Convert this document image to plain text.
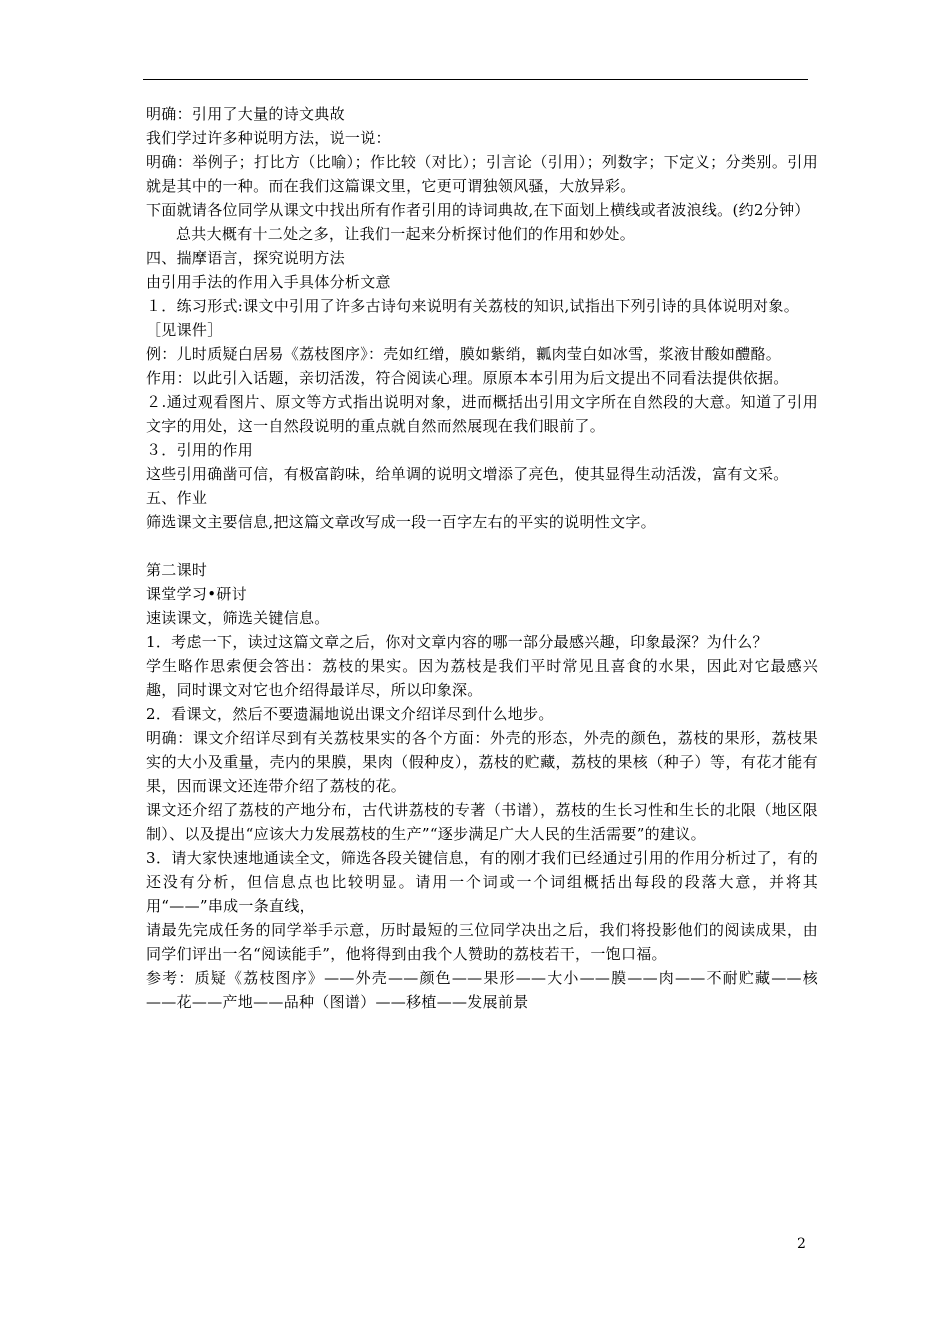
明确：引用了大量的诗文典故

我们学过许多种说明方法，说一说：

明确：举例子；打比方（比喻）；作比较（对比）；引言论（引用）；列数字；下定义；分类别。引用就是其中的一种。而在我们这篇课文里，它更可谓独领风骚，大放异彩。

下面就请各位同学从课文中找出所有作者引用的诗词典故,在下面划上横线或者波浪线。(约2分钟）

总共大概有十二处之多，让我们一起来分析探讨他们的作用和妙处。

四、揣摩语言，探究说明方法

由引用手法的作用入手具体分析文意

１．练习形式:课文中引用了许多古诗句来说明有关荔枝的知识,试指出下列引诗的具体说明对象。

［见课件］

例：儿时质疑白居易《荔枝图序》：壳如红缯，膜如紫绡，瓤肉莹白如冰雪，浆液甘酸如醴酪。

作用：以此引入话题，亲切活泼，符合阅读心理。原原本本引用为后文提出不同看法提供依据。

２.通过观看图片、原文等方式指出说明对象，进而概括出引用文字所在自然段的大意。知道了引用文字的用处，这一自然段说明的重点就自然而然展现在我们眼前了。

３．引用的作用

这些引用确凿可信，有极富韵味，给单调的说明文增添了亮色，使其显得生动活泼，富有文采。

五、作业

筛选课文主要信息,把这篇文章改写成一段一百字左右的平实的说明性文字。

第二课时

课堂学习•研讨

速读课文，筛选关键信息。

1．考虑一下，读过这篇文章之后，你对文章内容的哪一部分最感兴趣，印象最深？为什么？

学生略作思索便会答出：荔枝的果实。因为荔枝是我们平时常见且喜食的水果，因此对它最感兴趣，同时课文对它也介绍得最详尽，所以印象深。

2．看课文，然后不要遗漏地说出课文介绍详尽到什么地步。

明确：课文介绍详尽到有关荔枝果实的各个方面：外壳的形态，外壳的颜色，荔枝的果形，荔枝果实的大小及重量，壳内的果膜，果肉（假种皮），荔枝的贮藏，荔枝的果核（种子）等，有花才能有果，因而课文还连带介绍了荔枝的花。

课文还介绍了荔枝的产地分布，古代讲荔枝的专著（书谱），荔枝的生长习性和生长的北限（地区限制）、以及提出“应该大力发展荔枝的生产”“逐步满足广大人民的生活需要”的建议。

3．请大家快速地通读全文，筛选各段关键信息，有的刚才我们已经通过引用的作用分析过了，有的还没有分析，但信息点也比较明显。请用一个词或一个词组概括出每段的段落大意，并将其用“——”串成一条直线，

请最先完成任务的同学举手示意，历时最短的三位同学决出之后，我们将投影他们的阅读成果，由同学们评出一名“阅读能手”，他将得到由我个人赞助的荔枝若干，一饱口福。

参考：质疑《荔枝图序》——外壳——颜色——果形——大小——膜——肉——不耐贮藏——核——花——产地——品种（图谱）——移植——发展前景

2
